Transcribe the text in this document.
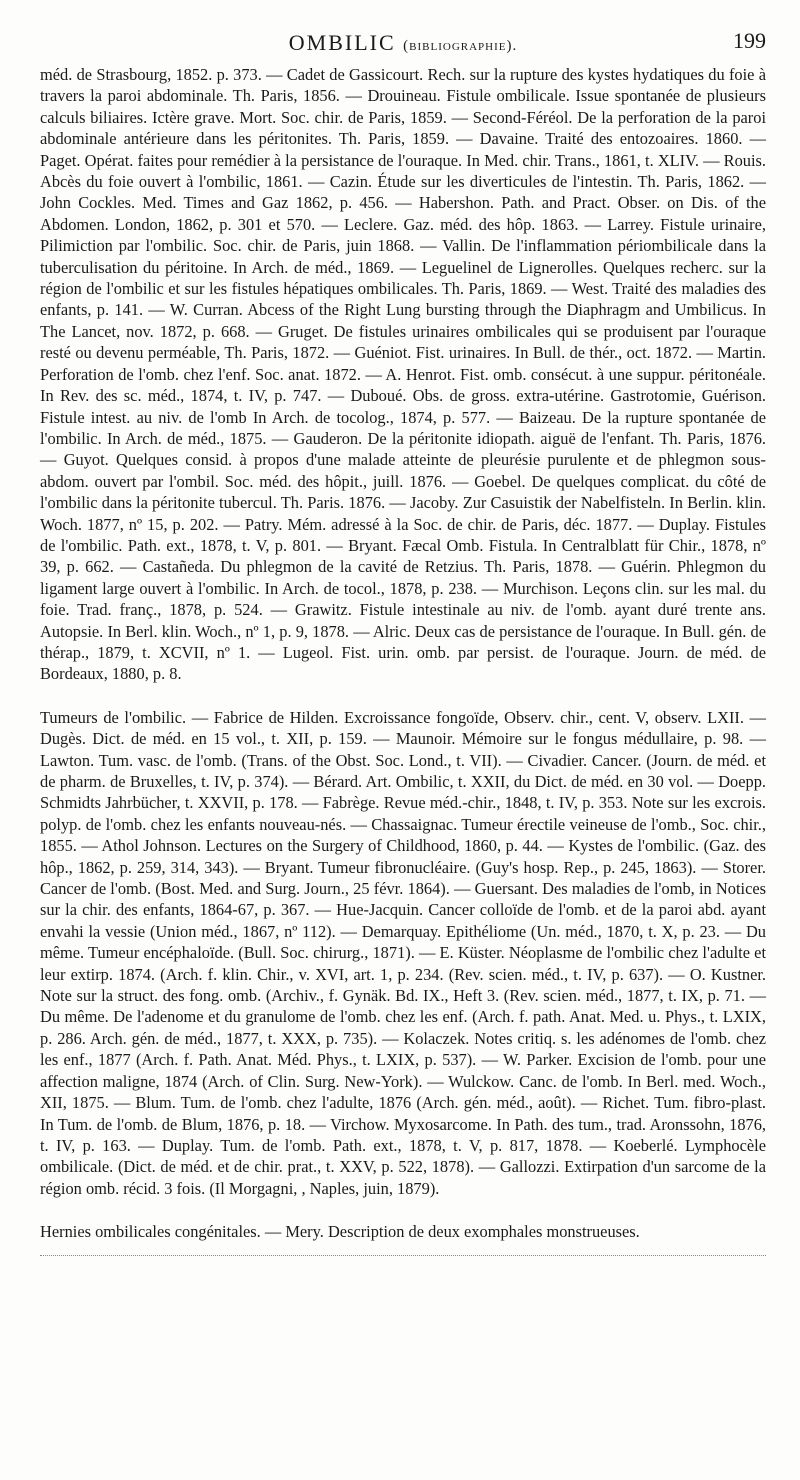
OMBILIC (bibliographie).	199

méd. de Strasbourg, 1852. p. 373. — Cadet de Gassicourt. Rech. sur la rupture des kystes hydatiques du foie à travers la paroi abdominale. Th. Paris, 1856. — Drouineau. Fistule ombilicale. Issue spontanée de plusieurs calculs biliaires. Ictère grave. Mort. Soc. chir. de Paris, 1859. — Second-Féréol. De la perforation de la paroi abdominale antérieure dans les péritonites. Th. Paris, 1859. — Davaine. Traité des entozoaires. 1860. — Paget. Opérat. faites pour remédier à la persistance de l'ouraque. In Med. chir. Trans., 1861, t. XLIV. — Rouis. Abcès du foie ouvert à l'ombilic, 1861. — Cazin. Étude sur les diverticules de l'intestin. Th. Paris, 1862. — John Cockles. Med. Times and Gaz 1862, p. 456. — Habershon. Path. and Pract. Obser. on Dis. of the Abdomen. London, 1862, p. 301 et 570. — Leclere. Gaz. méd. des hôp. 1863. — Larrey. Fistule urinaire, Pilimiction par l'ombilic. Soc. chir. de Paris, juin 1868. — Vallin. De l'inflammation périombilicale dans la tuberculisation du péritoine. In Arch. de méd., 1869. — Leguelinel de Lignerolles. Quelques recherc. sur la région de l'ombilic et sur les fistules hépatiques ombilicales. Th. Paris, 1869. — West. Traité des maladies des enfants, p. 141. — W. Curran. Abcess of the Right Lung bursting through the Diaphragm and Umbilicus. In The Lancet, nov. 1872, p. 668. — Gruget. De fistules urinaires ombilicales qui se produisent par l'ouraque resté ou devenu perméable, Th. Paris, 1872. — Guéniot. Fist. urinaires. In Bull. de thér., oct. 1872. — Martin. Perforation de l'omb. chez l'enf. Soc. anat. 1872. — A. Henrot. Fist. omb. consécut. à une suppur. péritonéale. In Rev. des sc. méd., 1874, t. IV, p. 747. — Duboué. Obs. de gross. extra-utérine. Gastrotomie, Guérison. Fistule intest. au niv. de l'omb In Arch. de tocolog., 1874, p. 577. — Baizeau. De la rupture spontanée de l'ombilic. In Arch. de méd., 1875. — Gauderon. De la péritonite idiopath. aiguë de l'enfant. Th. Paris, 1876. — Guyot. Quelques consid. à propos d'une malade atteinte de pleurésie purulente et de phlegmon sous-abdom. ouvert par l'ombil. Soc. méd. des hôpit., juill. 1876. — Goebel. De quelques complicat. du côté de l'ombilic dans la péritonite tubercul. Th. Paris. 1876. — Jacoby. Zur Casuistik der Nabelfisteln. In Berlin. klin. Woch. 1877, nº 15, p. 202. — Patry. Mém. adressé à la Soc. de chir. de Paris, déc. 1877. — Duplay. Fistules de l'ombilic. Path. ext., 1878, t. V, p. 801. — Bryant. Fæcal Omb. Fistula. In Centralblatt für Chir., 1878, nº 39, p. 662. — Castañeda. Du phlegmon de la cavité de Retzius. Th. Paris, 1878. — Guérin. Phlegmon du ligament large ouvert à l'ombilic. In Arch. de tocol., 1878, p. 238. — Murchison. Leçons clin. sur les mal. du foie. Trad. franç., 1878, p. 524. — Grawitz. Fistule intestinale au niv. de l'omb. ayant duré trente ans. Autopsie. In Berl. klin. Woch., nº 1, p. 9, 1878. — Alric. Deux cas de persistance de l'ouraque. In Bull. gén. de thérap., 1879, t. XCVII, nº 1. — Lugeol. Fist. urin. omb. par persist. de l'ouraque. Journ. de méd. de Bordeaux, 1880, p. 8.

Tumeurs de l'ombilic. — Fabrice de Hilden. Excroissance fongoïde, Observ. chir., cent. V, observ. LXII. — Dugès. Dict. de méd. en 15 vol., t. XII, p. 159. — Maunoir. Mémoire sur le fongus médullaire, p. 98. — Lawton. Tum. vasc. de l'omb. (Trans. of the Obst. Soc. Lond., t. VII). — Civadier. Cancer. (Journ. de méd. et de pharm. de Bruxelles, t. IV, p. 374). — Bérard. Art. Ombilic, t. XXII, du Dict. de méd. en 30 vol. — Doepp. Schmidts Jahrbücher, t. XXVII, p. 178. — Fabrège. Revue méd.-chir., 1848, t. IV, p. 353. Note sur les excrois. polyp. de l'omb. chez les enfants nouveau-nés. — Chassaignac. Tumeur érectile veineuse de l'omb., Soc. chir., 1855. — Athol Johnson. Lectures on the Surgery of Childhood, 1860, p. 44. — Kystes de l'ombilic. (Gaz. des hôp., 1862, p. 259, 314, 343). — Bryant. Tumeur fibronucléaire. (Guy's hosp. Rep., p. 245, 1863). — Storer. Cancer de l'omb. (Bost. Med. and Surg. Journ., 25 févr. 1864). — Guersant. Des maladies de l'omb, in Notices sur la chir. des enfants, 1864-67, p. 367. — Hue-Jacquin. Cancer colloïde de l'omb. et de la paroi abd. ayant envahi la vessie (Union méd., 1867, nº 112). — Demarquay. Epithéliome (Un. méd., 1870, t. X, p. 23. — Du même. Tumeur encéphaloïde. (Bull. Soc. chirurg., 1871). — E. Küster. Néoplasme de l'ombilic chez l'adulte et leur extirp. 1874. (Arch. f. klin. Chir., v. XVI, art. 1, p. 234. (Rev. scien. méd., t. IV, p. 637). — O. Kustner. Note sur la struct. des fong. omb. (Archiv., f. Gynäk. Bd. IX., Heft 3. (Rev. scien. méd., 1877, t. IX, p. 71. — Du même. De l'adenome et du granulome de l'omb. chez les enf. (Arch. f. path. Anat. Med. u. Phys., t. LXIX, p. 286. Arch. gén. de méd., 1877, t. XXX, p. 735). — Kolaczek. Notes critiq. s. les adénomes de l'omb. chez les enf., 1877 (Arch. f. Path. Anat. Méd. Phys., t. LXIX, p. 537). — W. Parker. Excision de l'omb. pour une affection maligne, 1874 (Arch. of Clin. Surg. New-York). — Wulckow. Canc. de l'omb. In Berl. med. Woch., XII, 1875. — Blum. Tum. de l'omb. chez l'adulte, 1876 (Arch. gén. méd., août). — Richet. Tum. fibro-plast. In Tum. de l'omb. de Blum, 1876, p. 18. — Virchow. Myxosarcome. In Path. des tum., trad. Aronssohn, 1876, t. IV, p. 163. — Duplay. Tum. de l'omb. Path. ext., 1878, t. V, p. 817, 1878. — Koeberlé. Lymphocèle ombilicale. (Dict. de méd. et de chir. prat., t. XXV, p. 522, 1878). — Gallozzi. Extirpation d'un sarcome de la région omb. récid. 3 fois. (Il Morgagni, , Naples, juin, 1879).

Hernies ombilicales congénitales. — Mery. Description de deux exomphales monstrueuses.
